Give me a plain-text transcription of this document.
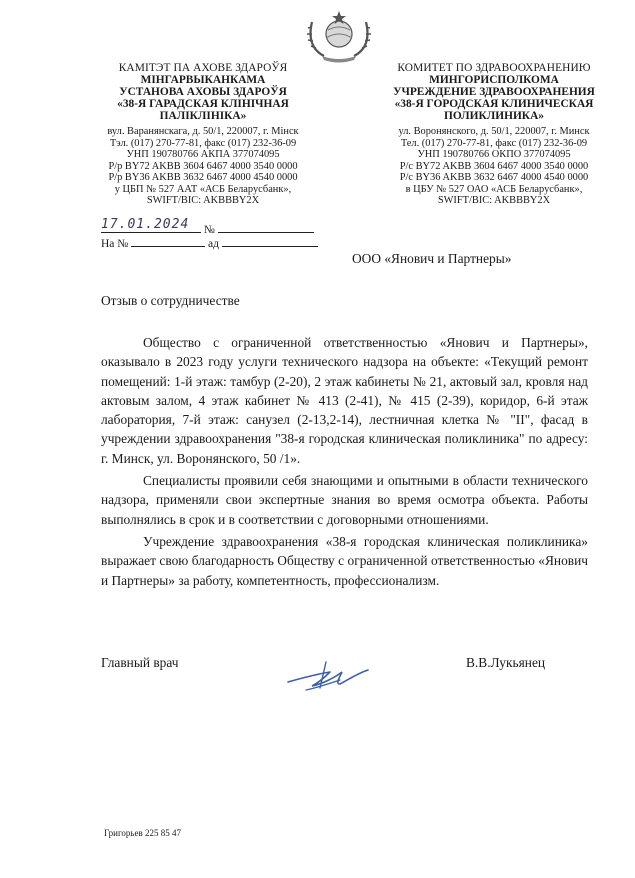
КАМІТЭТ ПА АХОВЕ ЗДАРОЎЯ
МІНГАРВЫКАНКАМА
УСТАНОВА АХОВЫ ЗДАРОЎЯ
«38-Я ГАРАДСКАЯ КЛІНІЧНАЯ
ПАЛІКЛІНІКА»
вул. Варанянскага, д. 50/1, 220007, г. Мінск
Тэл. (017) 270-77-81, факс (017) 232-36-09
УНП 190780766 АКПА 377074095
Р/р BY72 AKBB 3604 6467 4000 3540 0000
Р/р BY36 AKBB 3632 6467 4000 4540 0000
у ЦБП № 527 ААТ «АСБ Беларусбанк»,
SWIFT/BIC: AKBBBY2X
КОМИТЕТ ПО ЗДРАВООХРАНЕНИЮ
МИНГОРИСПОЛКОМА
УЧРЕЖДЕНИЕ ЗДРАВООХРАНЕНИЯ
«38-Я ГОРОДСКАЯ КЛИНИЧЕСКАЯ
ПОЛИКЛИНИКА»
ул. Воронянского, д. 50/1, 220007, г. Минск
Тел. (017) 270-77-81, факс (017) 232-36-09
УНП 190780766 ОКПО 377074095
Р/с BY72 AKBB 3604 6467 4000 3540 0000
Р/с BY36 AKBB 3632 6467 4000 4540 0000
в ЦБУ № 527 ОАО «АСБ Беларусбанк»,
SWIFT/BIC: AKBBBY2X
17.01.2024 №
На №	ад
ООО «Янович и Партнеры»
Отзыв о сотрудничестве

Общество с ограниченной ответственностью «Янович и Партнеры», оказывало в 2023 году услуги технического надзора на объекте: «Текущий ремонт помещений: 1-й этаж: тамбур (2-20), 2 этаж кабинеты № 21, актовый зал, кровля над актовым залом, 4 этаж кабинет № 413 (2-41), № 415 (2-39), коридор, 6-й этаж лаборатория, 7-й этаж: санузел (2-13,2-14), лестничная клетка № "II", фасад в учреждении здравоохранения "38-я городская клиническая поликлиника" по адресу: г. Минск, ул. Воронянского, 50 /1».

Специалисты проявили себя знающими и опытными в области технического надзора, применяли свои экспертные знания во время осмотра объекта. Работы выполнялись в срок и в соответствии с договорными отношениями.

Учреждение здравоохранения «38-я городская клиническая поликлиника» выражает свою благодарность Обществу с ограниченной ответственностью «Янович и Партнеры» за работу, компетентность, профессионализм.

Главный врач	В.В.Лукьянец
Григорьев 225 85 47
